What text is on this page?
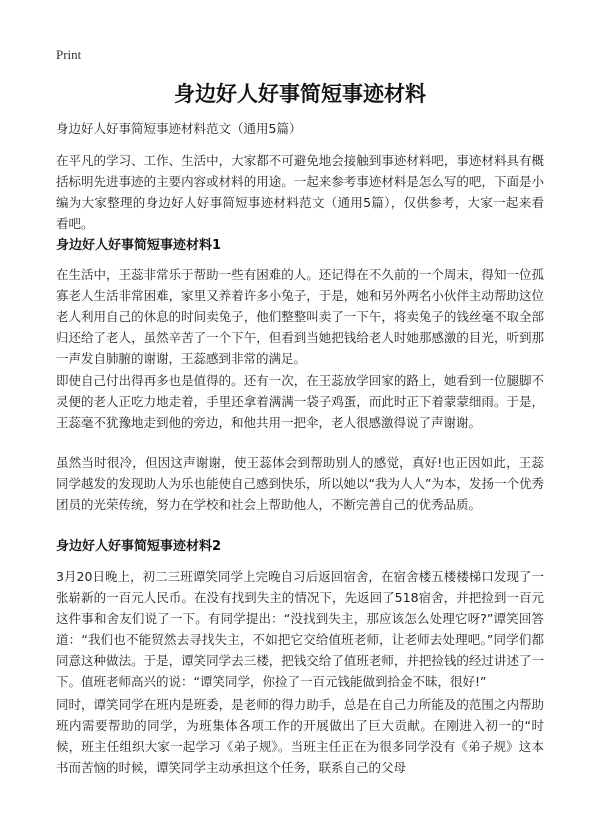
Print
身边好人好事简短事迹材料
身边好人好事简短事迹材料范文（通用5篇）

在平凡的学习、工作、生活中，大家都不可避免地会接触到事迹材料吧，事迹材料具有概括标明先进事迹的主要内容或材料的用途。一起来参考事迹材料是怎么写的吧，下面是小编为大家整理的身边好人好事简短事迹材料范文（通用5篇），仅供参考，大家一起来看看吧。

身边好人好事简短事迹材料1

在生活中，王蕊非常乐于帮助一些有困难的人。还记得在不久前的一个周末，得知一位孤寡老人生活非常困难，家里又养着许多小兔子，于是，她和另外两名小伙伴主动帮助这位老人利用自己的休息的时间卖兔子，他们整整叫卖了一下午，将卖兔子的钱丝毫不取全部归还给了老人，虽然辛苦了一个下午，但看到当她把钱给老人时她那感激的目光，听到那一声发自肺腑的谢谢，王蕊感到非常的满足。

即使自己付出得再多也是值得的。还有一次，在王蕊放学回家的路上，她看到一位腿脚不灵便的老人正吃力地走着，手里还拿着满满一袋子鸡蛋，而此时正下着蒙蒙细雨。于是，王蕊毫不犹豫地走到他的旁边，和他共用一把伞，老人很感激得说了声谢谢。

虽然当时很冷，但因这声谢谢，使王蕊体会到帮助别人的感觉，真好!也正因如此，王蕊同学越发的发现助人为乐也能使自己感到快乐，所以她以“我为人人”为本，发扬一个优秀团员的光荣传统，努力在学校和社会上帮助他人，不断完善自己的优秀品质。

身边好人好事简短事迹材料2

3月20日晚上，初二三班谭笑同学上完晚自习后返回宿舍，在宿舍楼五楼楼梯口发现了一张崭新的一百元人民币。在没有找到失主的情况下，先返回了518宿舍，并把捡到一百元这件事和舍友们说了一下。有同学提出：“没找到失主，那应该怎么处理它呀?”谭笑回答道：“我们也不能贸然去寻找失主，不如把它交给值班老师，让老师去处理吧。”同学们都同意这种做法。于是，谭笑同学去三楼，把钱交给了值班老师，并把捡钱的经过讲述了一下。值班老师高兴的说：“谭笑同学，你捡了一百元钱能做到拾金不昧，很好!”

同时，谭笑同学在班内是班委，是老师的得力助手，总是在自己力所能及的范围之内帮助班内需要帮助的同学，为班集体各项工作的开展做出了巨大贡献。在刚进入初一的“时候，班主任组织大家一起学习《弟子规》。当班主任正在为很多同学没有《弟子规》这本书而苦恼的时候，谭笑同学主动承担这个任务，联系自己的父母
